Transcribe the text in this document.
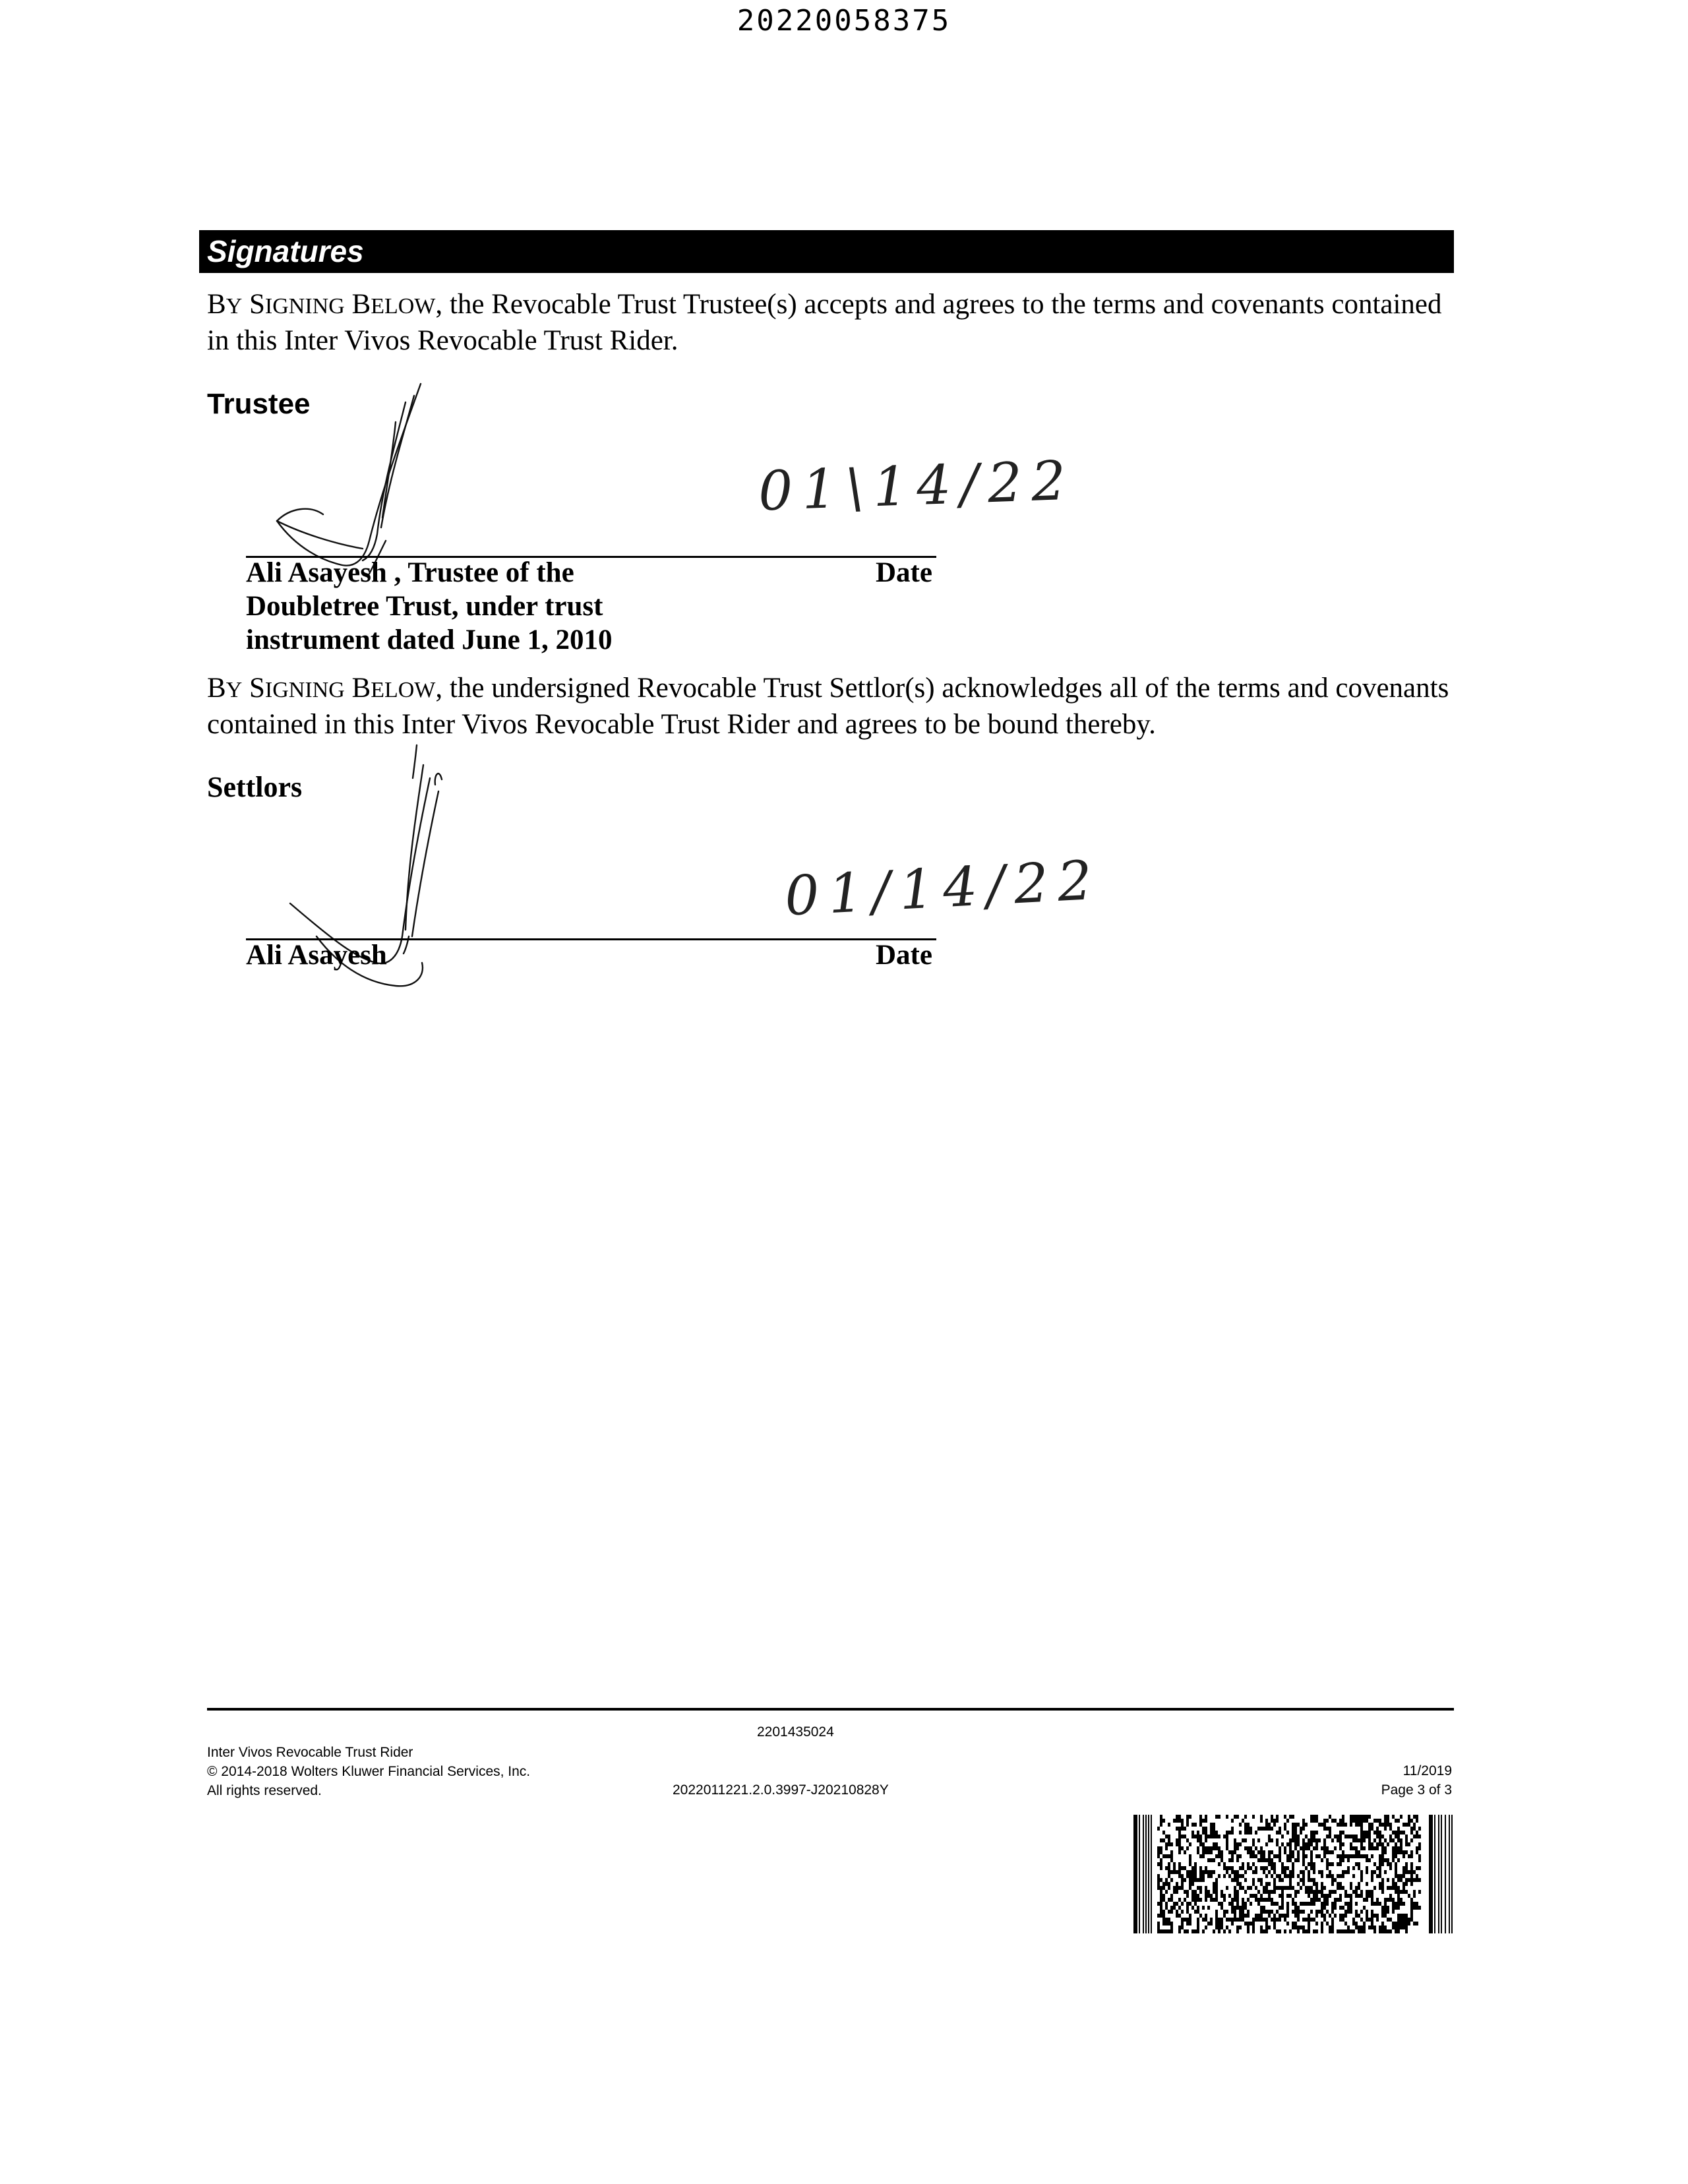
20220058375
Signatures
BY SIGNING BELOW, the Revocable Trust Trustee(s) accepts and agrees to the terms and covenants contained in this Inter Vivos Revocable Trust Rider.
Trustee
01\14/22
Ali Asayesh , Trustee of the Doubletree Trust, under trust instrument dated June 1, 2010
Date
BY SIGNING BELOW, the undersigned Revocable Trust Settlor(s) acknowledges all of the terms and covenants contained in this Inter Vivos Revocable Trust Rider and agrees to be bound thereby.
Settlors
01/14/22
Ali Asayesh	Date
2201435024
Inter Vivos Revocable Trust Rider
© 2014-2018 Wolters Kluwer Financial Services, Inc.
All rights reserved.	2022011221.2.0.3997-J20210828Y
11/2019
Page 3 of 3
